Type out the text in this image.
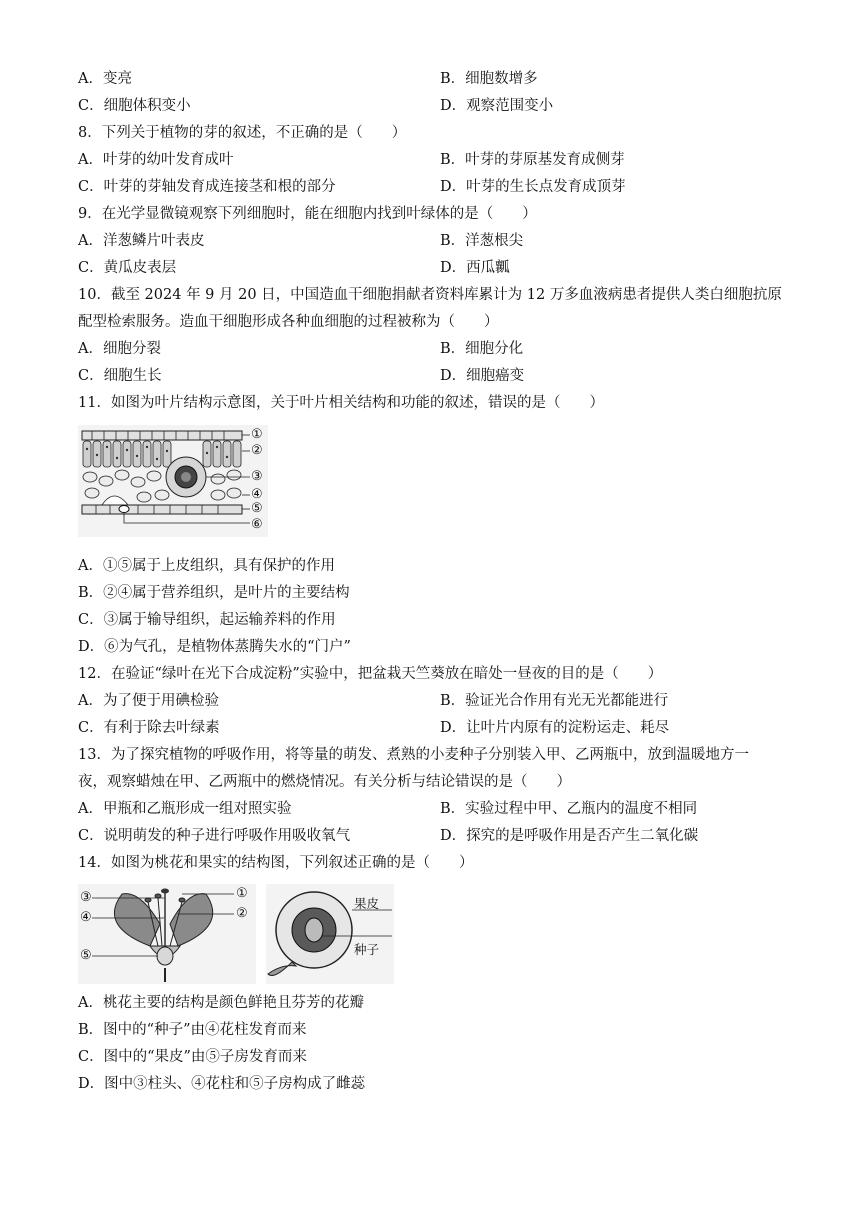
A．变亮	B．细胞数增多
C．细胞体积变小	D．观察范围变小
8．下列关于植物的芽的叙述，不正确的是（　　）
A．叶芽的幼叶发育成叶	B．叶芽的芽原基发育成侧芽
C．叶芽的芽轴发育成连接茎和根的部分	D．叶芽的生长点发育成顶芽
9．在光学显微镜观察下列细胞时，能在细胞内找到叶绿体的是（　　）
A．洋葱鳞片叶表皮	B．洋葱根尖
C．黄瓜皮表层	D．西瓜瓤
10．截至 2024 年 9 月 20 日，中国造血干细胞捐献者资料库累计为 12 万多血液病患者提供人类白细胞抗原
配型检索服务。造血干细胞形成各种血细胞的过程被称为（　　）
A．细胞分裂	B．细胞分化
C．细胞生长	D．细胞癌变
11．如图为叶片结构示意图，关于叶片相关结构和功能的叙述，错误的是（　　）
①
②
③
④
⑤
⑥
A．①⑤属于上皮组织，具有保护的作用
B．②④属于营养组织，是叶片的主要结构
C．③属于输导组织，起运输养料的作用
D．⑥为气孔，是植物体蒸腾失水的“门户”
12．在验证“绿叶在光下合成淀粉”实验中，把盆栽天竺葵放在暗处一昼夜的目的是（　　）
A．为了便于用碘检验	B．验证光合作用有光无光都能进行
C．有利于除去叶绿素	D．让叶片内原有的淀粉运走、耗尽
13．为了探究植物的呼吸作用，将等量的萌发、煮熟的小麦种子分别装入甲、乙两瓶中，放到温暖地方一
夜，观察蜡烛在甲、乙两瓶中的燃烧情况。有关分析与结论错误的是（　　）
A．甲瓶和乙瓶形成一组对照实验	B．实验过程中甲、乙瓶内的温度不相同
C．说明萌发的种子进行呼吸作用吸收氧气	D．探究的是呼吸作用是否产生二氧化碳
14．如图为桃花和果实的结构图，下列叙述正确的是（　　）
③
④
⑤
①
②
果皮
种子
A．桃花主要的结构是颜色鲜艳且芬芳的花瓣
B．图中的“种子”由④花柱发育而来
C．图中的“果皮”由⑤子房发育而来
D．图中③柱头、④花柱和⑤子房构成了雌蕊
